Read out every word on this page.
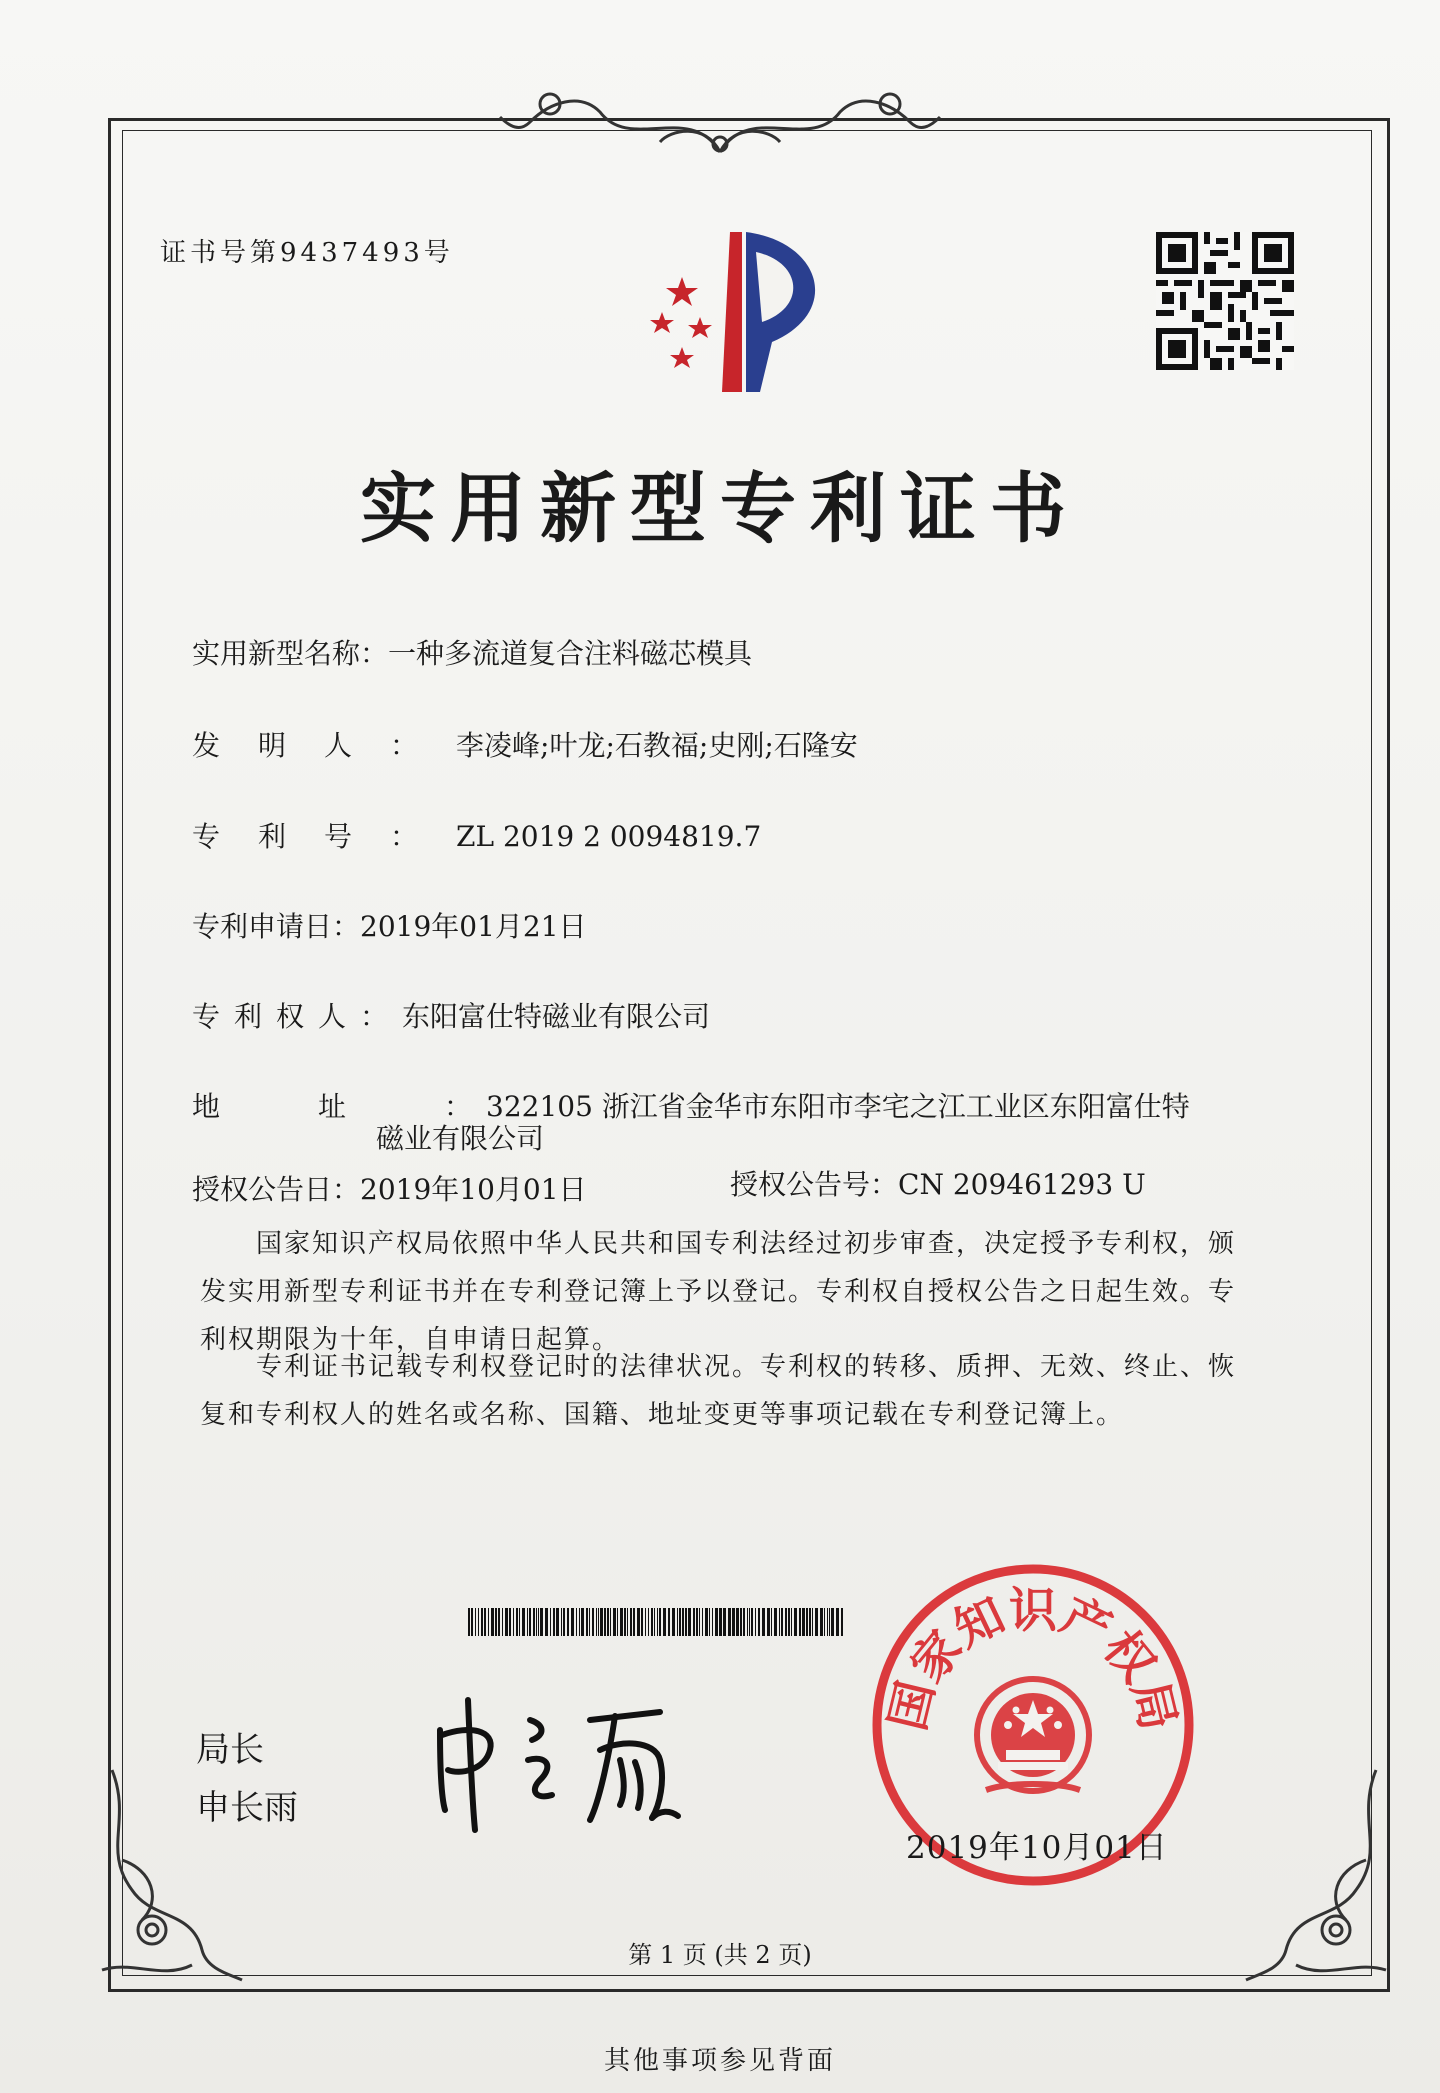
证书号第9437493号
实用新型专利证书
实用新型名称：一种多流道复合注料磁芯模具
发明人：李凌峰;叶龙;石教福;史刚;石隆安
专利号：ZL 2019 2 0094819.7
专利申请日：2019年01月21日
专利权人：东阳富仕特磁业有限公司
地址：322105 浙江省金华市东阳市李宅之江工业区东阳富仕特
磁业有限公司
授权公告日：2019年10月01日	授权公告号：CN 209461293 U
国家知识产权局依照中华人民共和国专利法经过初步审查，决定授予专利权，颁发实用新型专利证书并在专利登记簿上予以登记。专利权自授权公告之日起生效。专利权期限为十年，自申请日起算。
专利证书记载专利权登记时的法律状况。专利权的转移、质押、无效、终止、恢复和专利权人的姓名或名称、国籍、地址变更等事项记载在专利登记簿上。
局长
申长雨
国家知识产权局
2019年10月01日
第 1 页 (共 2 页)
其他事项参见背面
